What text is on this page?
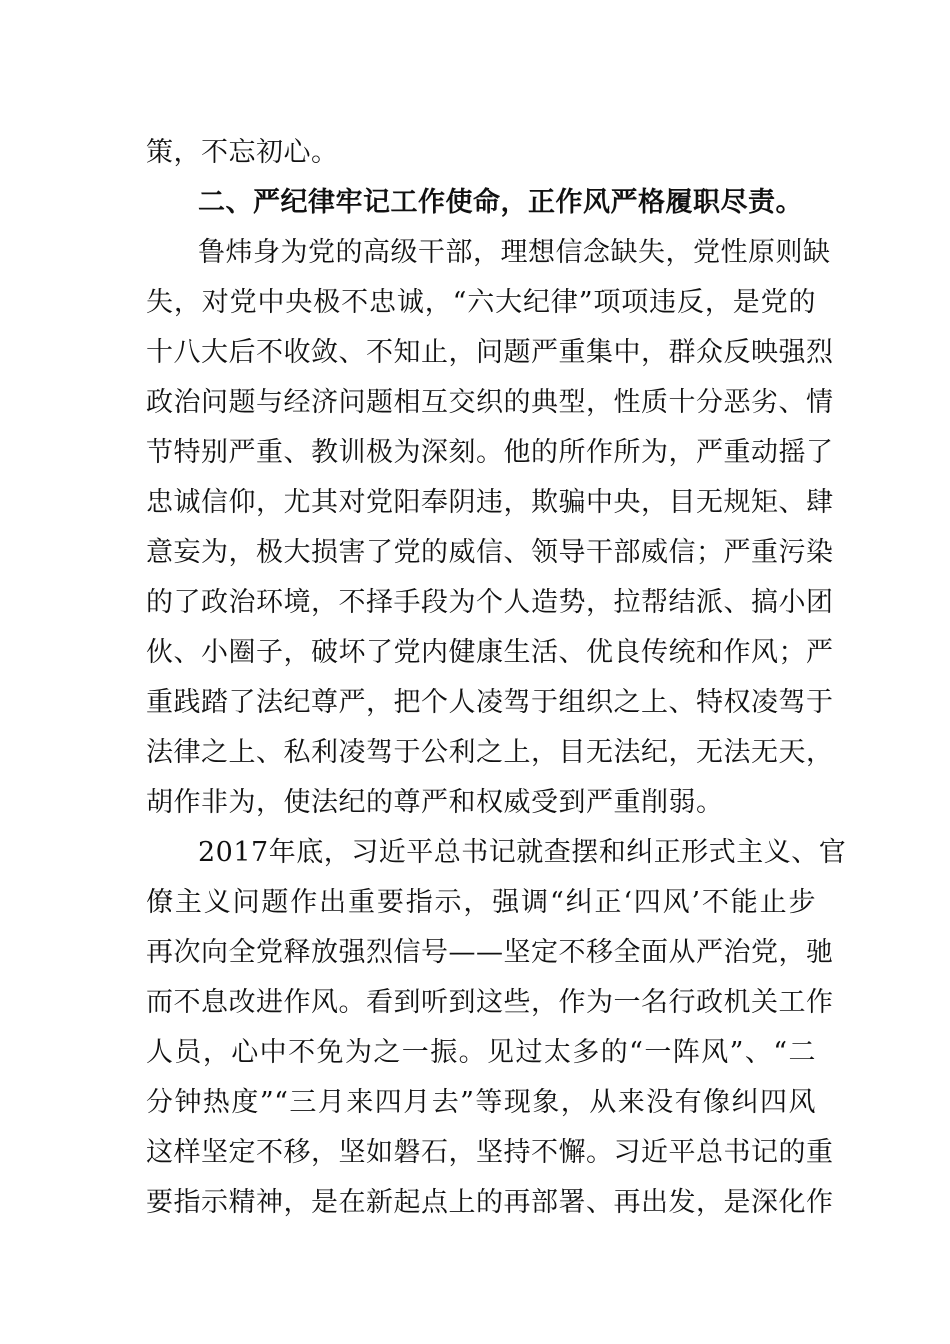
策，不忘初心。
二、严纪律牢记工作使命，正作风严格履职尽责。
鲁炜身为党的高级干部，理想信念缺失，党性原则缺
失，对党中央极不忠诚，“六大纪律”项项违反，是党的
十八大后不收敛、不知止，问题严重集中，群众反映强烈
政治问题与经济问题相互交织的典型，性质十分恶劣、情
节特别严重、教训极为深刻。他的所作所为，严重动摇了
忠诚信仰，尤其对党阳奉阴违，欺骗中央，目无规矩、肆
意妄为，极大损害了党的威信、领导干部威信；严重污染
的了政治环境，不择手段为个人造势，拉帮结派、搞小团
伙、小圈子，破坏了党内健康生活、优良传统和作风；严
重践踏了法纪尊严，把个人凌驾于组织之上、特权凌驾于
法律之上、私利凌驾于公利之上，目无法纪，无法无天，
胡作非为，使法纪的尊严和权威受到严重削弱。
2017年底，习近平总书记就查摆和纠正形式主义、官
僚主义问题作出重要指示，强调“纠正‘四风’不能止步
再次向全党释放强烈信号——坚定不移全面从严治党，驰
而不息改进作风。看到听到这些，作为一名行政机关工作
人员，心中不免为之一振。见过太多的“一阵风”、“二
分钟热度”“三月来四月去”等现象，从来没有像纠四风
这样坚定不移，坚如磐石，坚持不懈。习近平总书记的重
要指示精神，是在新起点上的再部署、再出发，是深化作
